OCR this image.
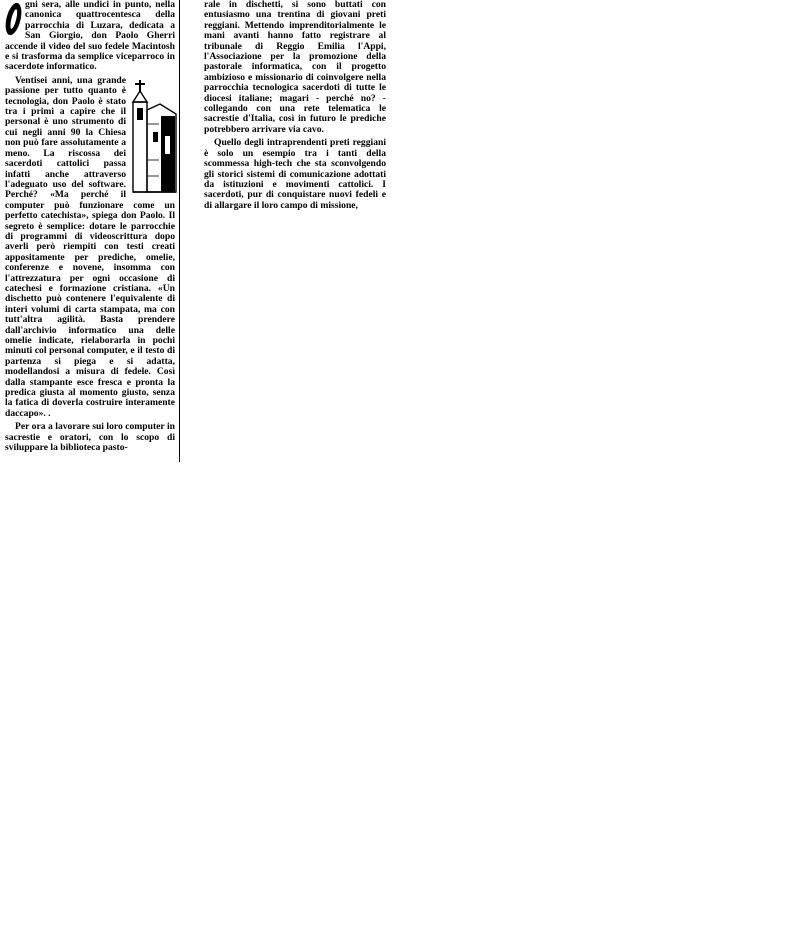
gni sera, alle undici in punto, nella canonica quattrocentesca della parrocchia di Luzara, dedicata a San Giorgio, don Paolo Gherri accende il video del suo fedele Macintosh e si trasforma da semplice viceparroco in sacerdote informatico.

Ventisei anni, una grande passione per tutto quanto è tecnologia, don Paolo è stato tra i primi a capire che il personal è uno strumento di cui negli anni 90 la Chiesa non può fare assolutamente a meno. La riscossa dei sacerdoti cattolici passa infatti anche attraverso l'adeguato uso del software. Perché? «Ma perché il computer può funzionare come un perfetto catechista», spiega don Paolo. Il segreto è semplice: dotare le parrocchie di programmi di videoscrittura dopo averli però riempiti con testi creati appositamente per prediche, omelie, conferenze e novene, insomma con l'attrezzatura per ogni occasione di catechesi e formazione cristiana. «Un dischetto può contenere l'equivalente di interi volumi di carta stampata, ma con tutt'altra agilità. Basta prendere dall'archivio informatico una delle omelie indicate, rielaborarla in pochi minuti col personal computer, e il testo di partenza si piega e si adatta, modellandosi a misura di fedele. Così dalla stampante esce fresca e pronta la predica giusta al momento giusto, senza la fatica di doverla costruire interamente daccapo». .

Per ora a lavorare sui loro computer in sacrestie e oratori, con lo scopo di sviluppare la biblioteca pasto-

rale in dischetti, si sono buttati con entusiasmo una trentina di giovani preti reggiani. Mettendo imprenditorialmente le mani avanti hanno fatto registrare al tribunale di Reggio Emilia l'Appi, l'Associazione per la promozione della pastorale informatica, con il progetto ambizioso e missionario di coinvolgere nella parrocchia tecnologica sacerdoti di tutte le diocesi italiane; magari - perché no? - collegando con una rete telematica le sacrestie d'Italia, così in futuro le prediche potrebbero arrivare via cavo.

Quello degli intraprendenti preti reggiani è solo un esempio tra i tanti della scommessa high-tech che sta sconvolgendo gli storici sistemi di comunicazione adottati da istituzioni e movimenti cattolici. I sacerdoti, pur di conquistare nuovi fedeli e di allargare il loro campo di missione,
